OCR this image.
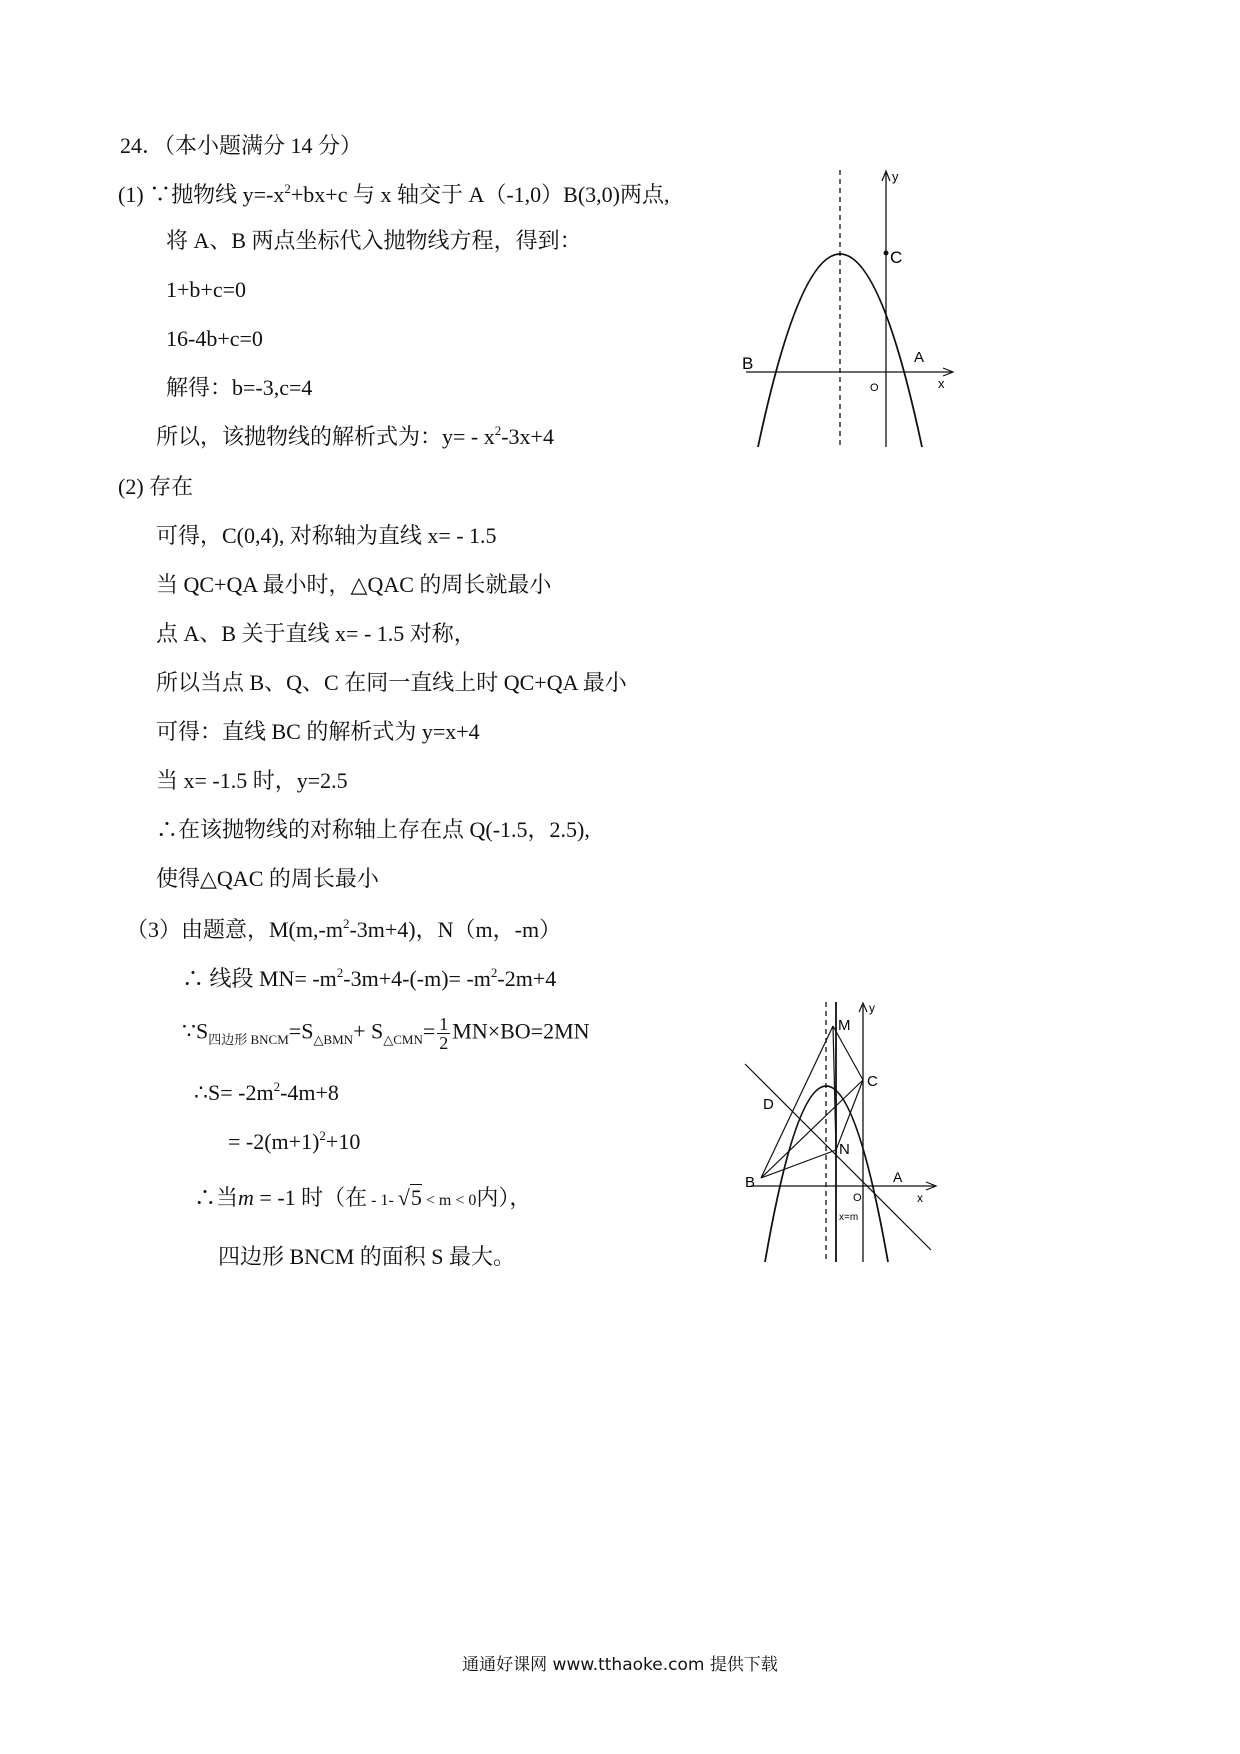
24．（本小题满分 14 分）
(1) ∵抛物线 $y=-x^2+bx+c$ 与 x 轴交于 A（-1,0）B(3,0)两点,
将 A、B 两点坐标代入抛物线方程，得到：
1+b+c=0
16-4b+c=0
解得：b=-3,c=4
所以，该抛物线的解析式为：$y= - x^2-3x+4$
(2) 存在
可得，C(0,4), 对称轴为直线 x= - 1.5
当 QC+QA 最小时，△QAC 的周长就最小
点 A、B 关于直线 x= - 1.5 对称，
所以当点 B、Q、C 在同一直线上时 QC+QA 最小
可得：直线 BC 的解析式为 y=x+4
当 x= -1.5 时，y=2.5
∴在该抛物线的对称轴上存在点 Q(-1.5，2.5),
使得△QAC 的周长最小
（3）由题意，$M(m,-m^2-3m+4)$，N（m，-m）
∴ 线段 $MN= -m^2-3m+4-(-m)= -m^2-2m+4$
$\because S_{四边形 BNCM}=S_{\triangle BMN}+ S_{\triangle CMN}= \frac{1}{2} MN\times BO=2MN$
∴S= $-2m^2-4m+8$
= $-2(m+1)^2+10$
∴当m = -1 时（在 - 1- √5 < m < 0内），
四边形 BNCM 的面积 S 最大。
y
x
C
B	A
O
y
x
M
C
D
N
B	A
O
x=m
通通好课网 www.tthaoke.com 提供下载
